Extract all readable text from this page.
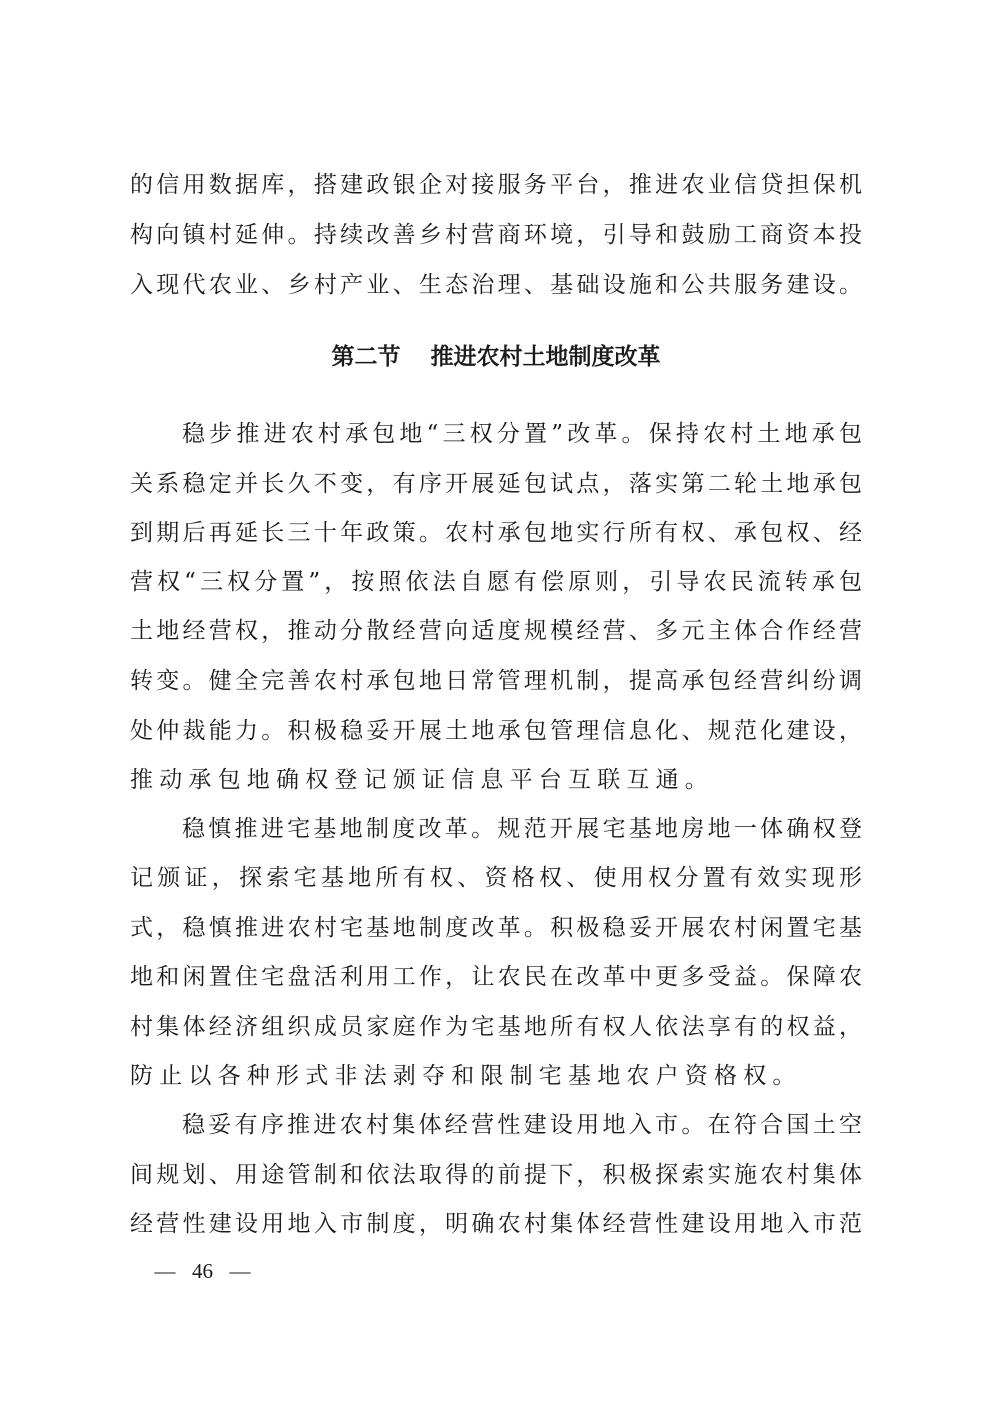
的信用数据库，搭建政银企对接服务平台，推进农业信贷担保机
构向镇村延伸。持续改善乡村营商环境，引导和鼓励工商资本投
入现代农业、乡村产业、生态治理、基础设施和公共服务建设。
第二节 推进农村土地制度改革
稳步推进农村承包地“三权分置”改革。保持农村土地承包
关系稳定并长久不变，有序开展延包试点，落实第二轮土地承包
到期后再延长三十年政策。农村承包地实行所有权、承包权、经
营权“三权分置”，按照依法自愿有偿原则，引导农民流转承包
土地经营权，推动分散经营向适度规模经营、多元主体合作经营
转变。健全完善农村承包地日常管理机制，提高承包经营纠纷调
处仲裁能力。积极稳妥开展土地承包管理信息化、规范化建设，
推动承包地确权登记颁证信息平台互联互通。
稳慎推进宅基地制度改革。规范开展宅基地房地一体确权登
记颁证，探索宅基地所有权、资格权、使用权分置有效实现形
式，稳慎推进农村宅基地制度改革。积极稳妥开展农村闲置宅基
地和闲置住宅盘活利用工作，让农民在改革中更多受益。保障农
村集体经济组织成员家庭作为宅基地所有权人依法享有的权益，
防止以各种形式非法剥夺和限制宅基地农户资格权。
稳妥有序推进农村集体经营性建设用地入市。在符合国土空
间规划、用途管制和依法取得的前提下，积极探索实施农村集体
经营性建设用地入市制度，明确农村集体经营性建设用地入市范
— 46 —
